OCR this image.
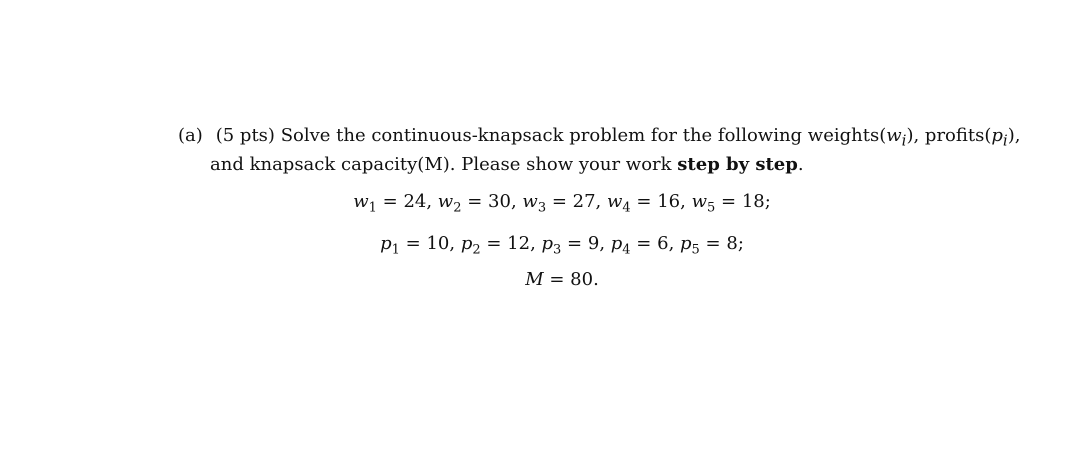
(a) (5 pts) Solve the continuous-knapsack problem for the following $weights(w_i)$, $profits(p_i)$,
and knapsack capacity(M). Please show your work step by step.
$w_1 = 24$, $w_2 = 30$, $w_3 = 27$, $w_4 = 16$, $w_5 = 18$;
$p_1 = 10$, $p_2 = 12$, $p_3 = 9$, $p_4 = 6$, $p_5 = 8$;
M = 80.
